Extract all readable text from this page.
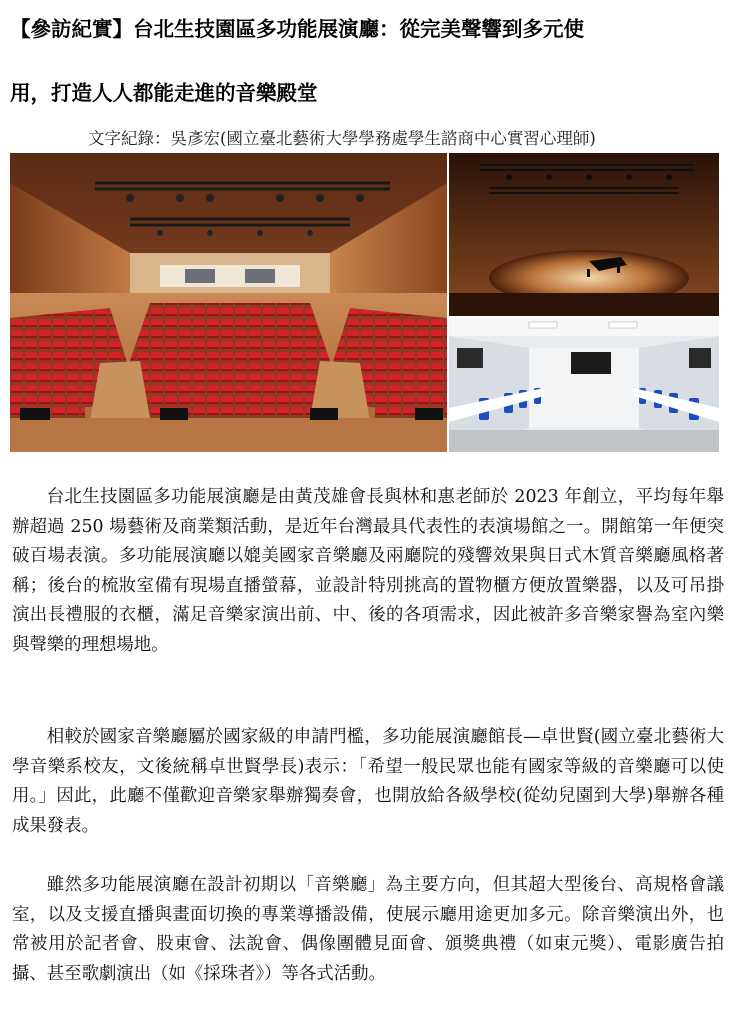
【參訪紀實】台北生技園區多功能展演廳：從完美聲響到多元使
用，打造人人都能走進的音樂殿堂
文字紀錄：吳彥宏(國立臺北藝術大學學務處學生諮商中心實習心理師)

台北生技園區多功能展演廳是由黃茂雄會長與林和惠老師於 2023 年創立，平均每年舉辦超過 250 場藝術及商業類活動，是近年台灣最具代表性的表演場館之一。開館第一年便突破百場表演。多功能展演廳以媲美國家音樂廳及兩廳院的殘響效果與日式木質音樂廳風格著稱；後台的梳妝室備有現場直播螢幕，並設計特別挑高的置物櫃方便放置樂器，以及可吊掛演出長禮服的衣櫃，滿足音樂家演出前、中、後的各項需求，因此被許多音樂家譽為室內樂與聲樂的理想場地。

相較於國家音樂廳屬於國家級的申請門檻，多功能展演廳館長—卓世賢(國立臺北藝術大學音樂系校友，文後統稱卓世賢學長)表示：「希望一般民眾也能有國家等級的音樂廳可以使用。」因此，此廳不僅歡迎音樂家舉辦獨奏會，也開放給各級學校(從幼兒園到大學)舉辦各種成果發表。

雖然多功能展演廳在設計初期以「音樂廳」為主要方向，但其超大型後台、高規格會議室，以及支援直播與畫面切換的專業導播設備，使展示廳用途更加多元。除音樂演出外，也常被用於記者會、股東會、法說會、偶像團體見面會、頒獎典禮（如東元獎）、電影廣告拍攝、甚至歌劇演出（如《採珠者》）等各式活動。
